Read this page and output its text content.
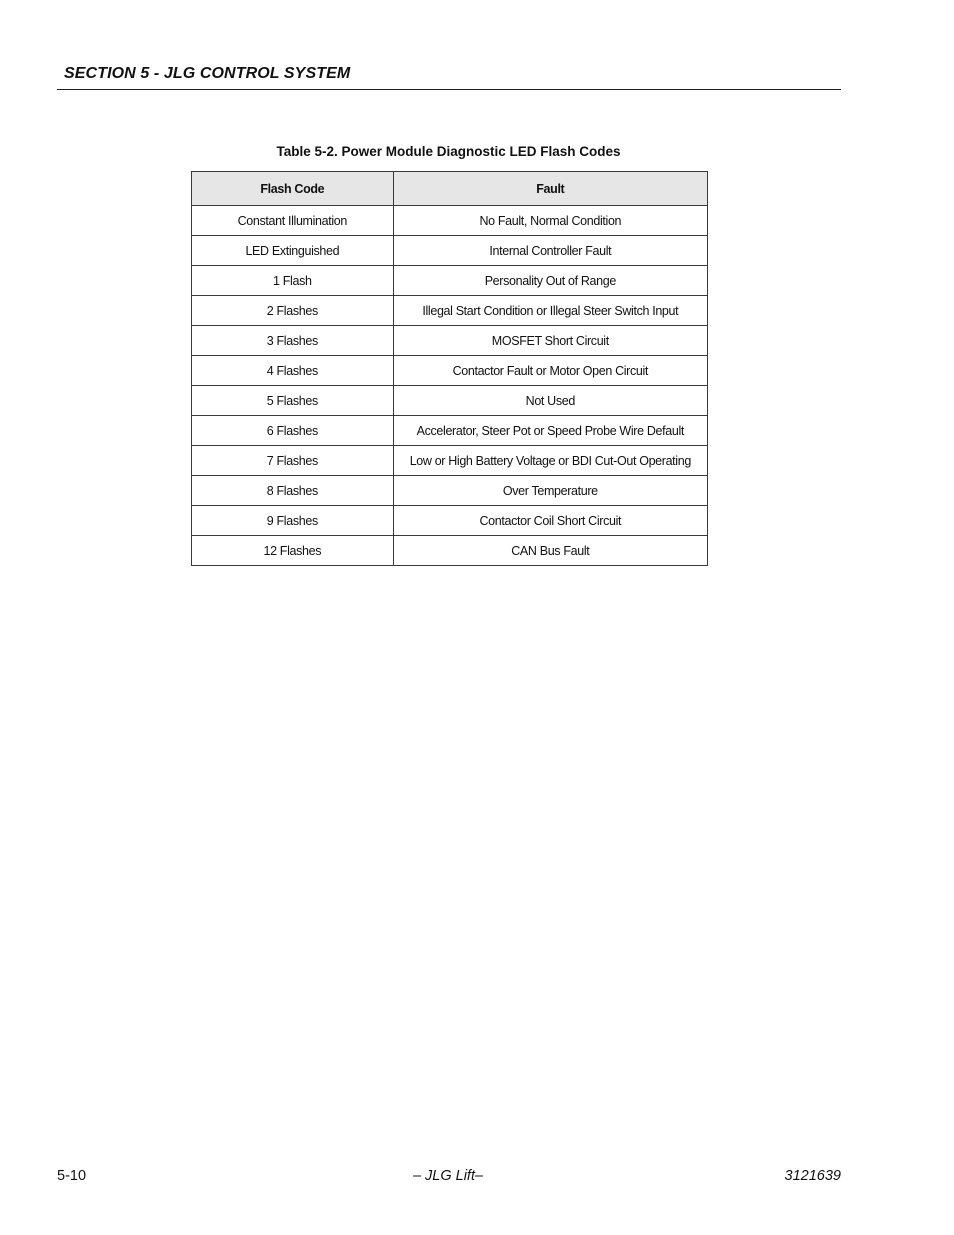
SECTION 5 - JLG CONTROL SYSTEM
Table 5-2. Power Module Diagnostic LED Flash Codes
Flash Code	Fault
Constant Illumination	No Fault, Normal Condition
LED Extinguished	Internal Controller Fault
1 Flash	Personality Out of Range
2 Flashes	Illegal Start Condition or Illegal Steer Switch Input
3 Flashes	MOSFET Short Circuit
4 Flashes	Contactor Fault or Motor Open Circuit
5 Flashes	Not Used
6 Flashes	Accelerator, Steer Pot or Speed Probe Wire Default
7 Flashes	Low or High Battery Voltage or BDI Cut-Out Operating
8 Flashes	Over Temperature
9 Flashes	Contactor Coil Short Circuit
12 Flashes	CAN Bus Fault
5-10	– JLG Lift–	3121639
